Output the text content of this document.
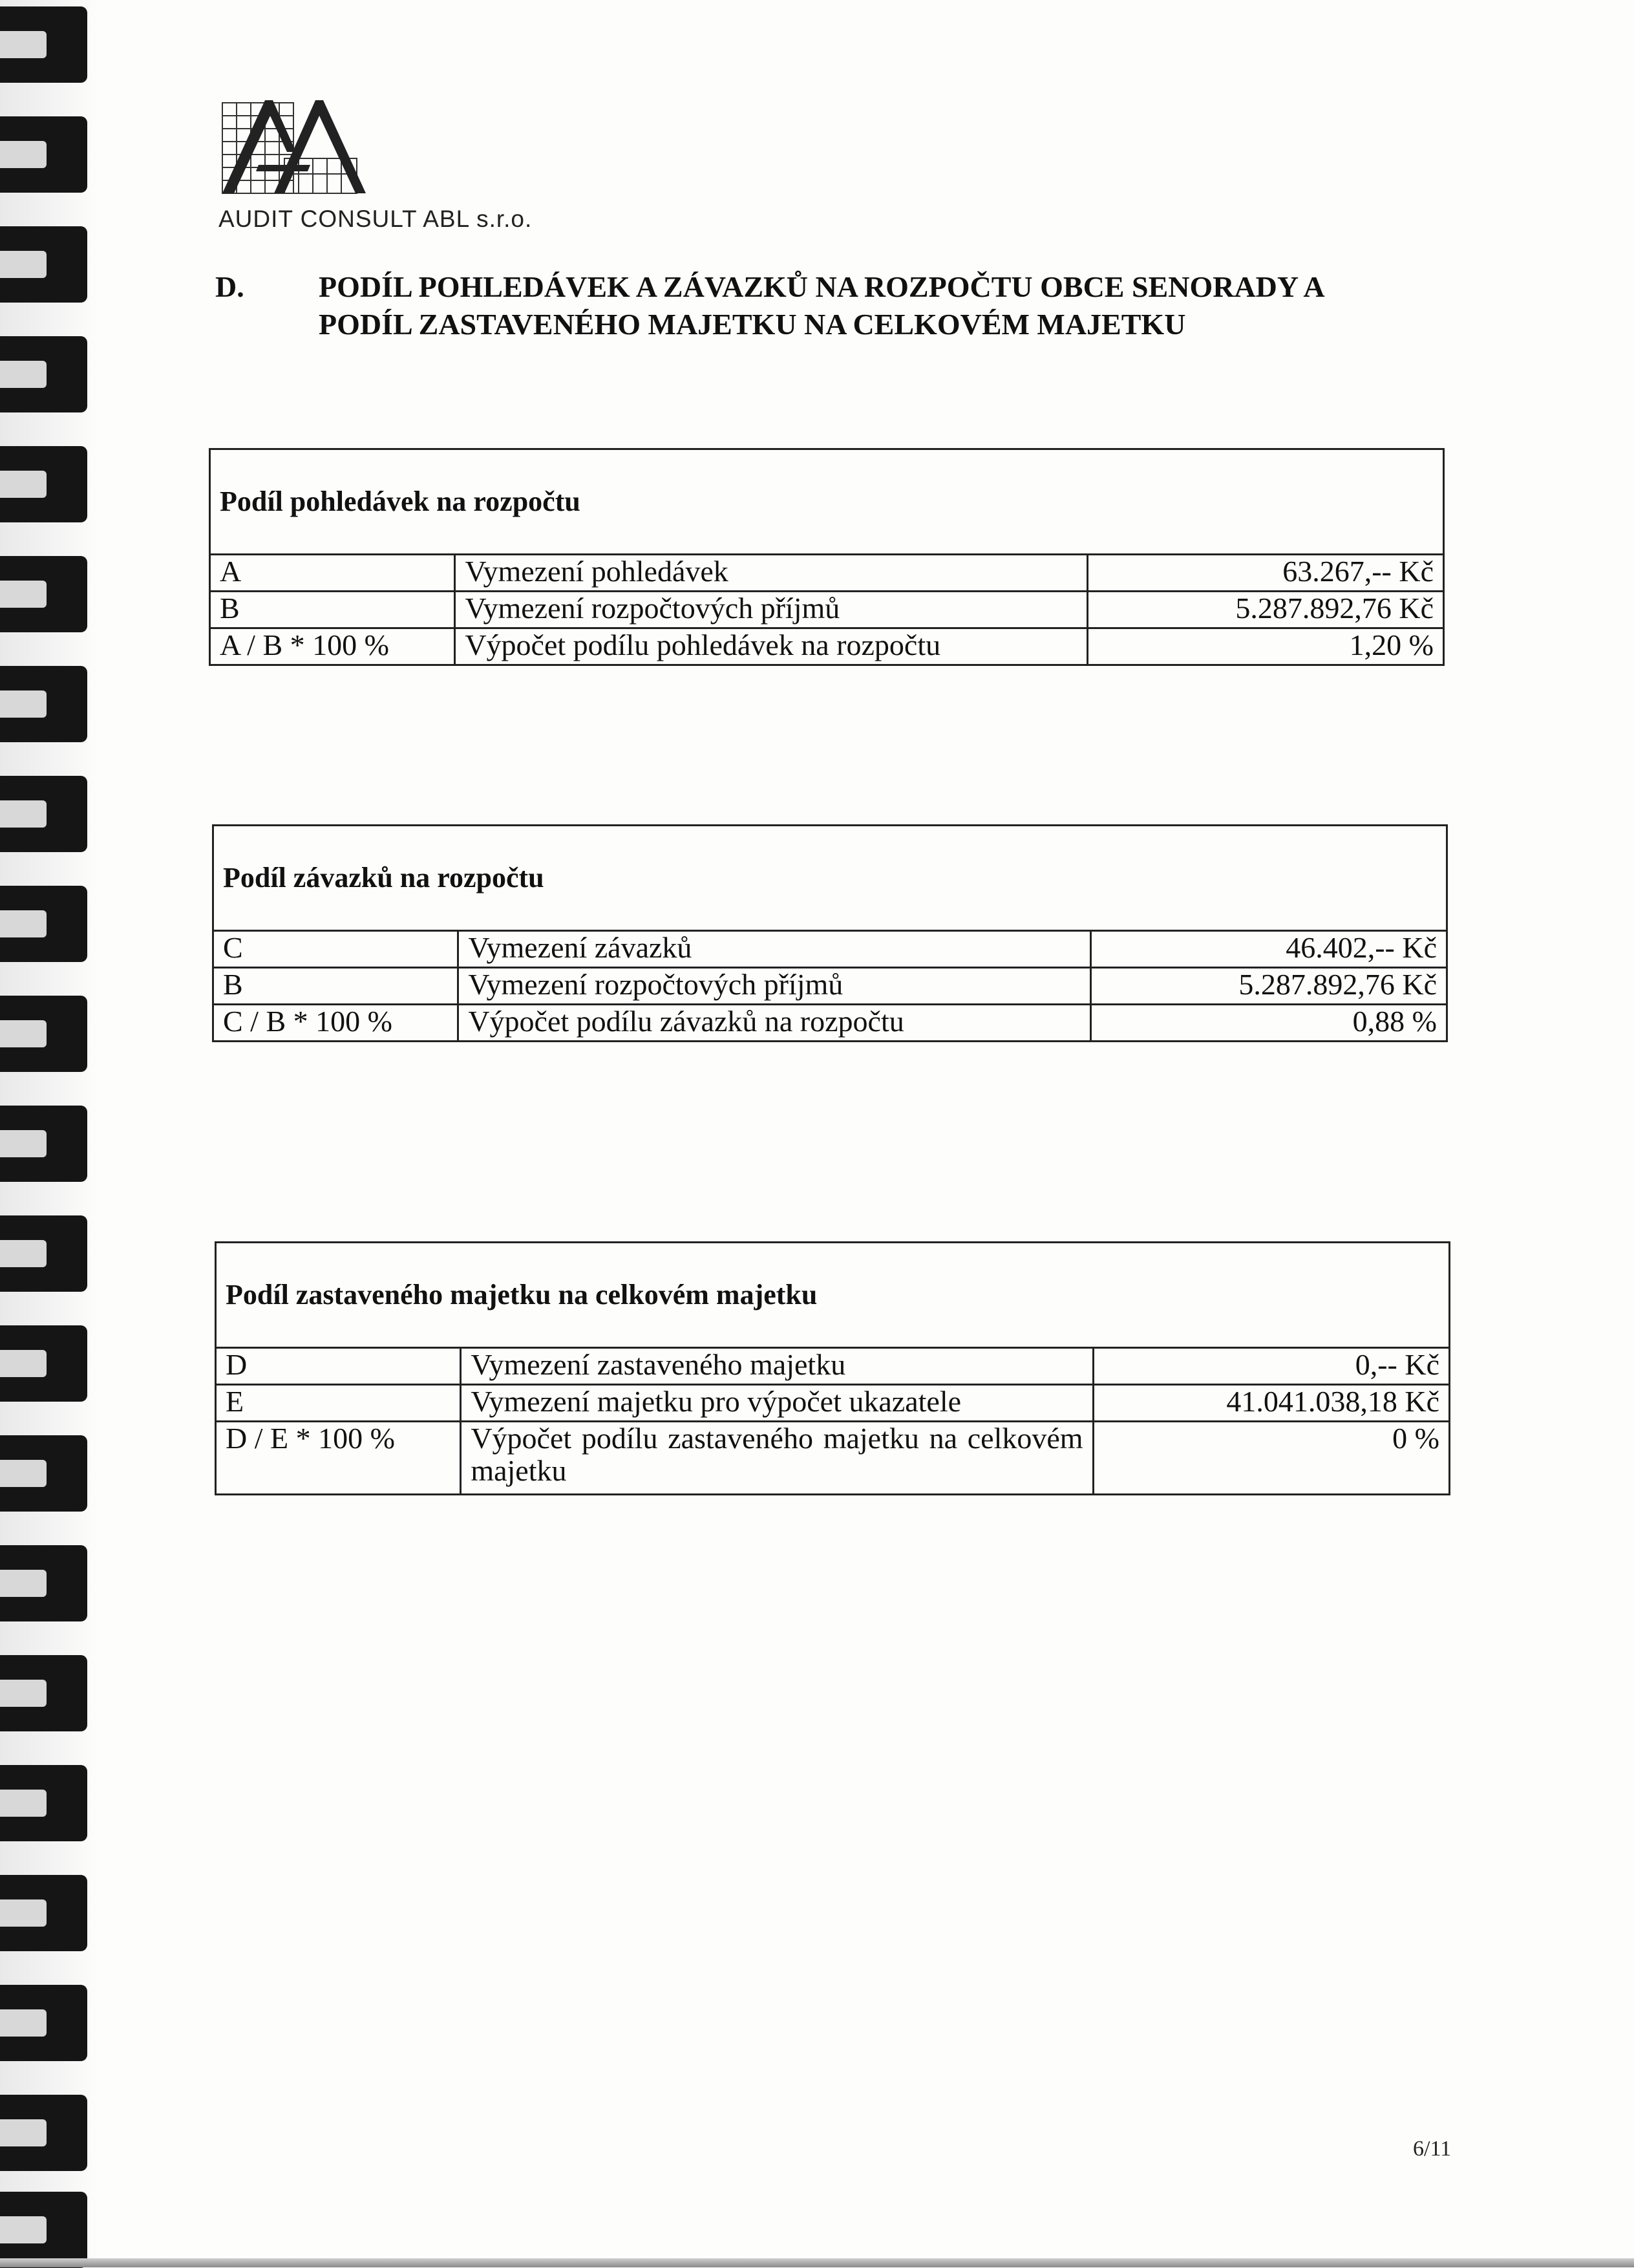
AUDIT CONSULT ABL s.r.o.
D.	PODÍL POHLEDÁVEK A ZÁVAZKŮ NA ROZPOČTU OBCE SENORADY A
PODÍL ZASTAVENÉHO MAJETKU NA CELKOVÉM MAJETKU
Podíl pohledávek na rozpočtu		
A	Vymezení pohledávek	63.267,-- Kč
B	Vymezení rozpočtových příjmů	5.287.892,76 Kč
A / B * 100 %	Výpočet podílu pohledávek na rozpočtu	1,20 %
Podíl závazků na rozpočtu		
C	Vymezení závazků	46.402,-- Kč
B	Vymezení rozpočtových příjmů	5.287.892,76 Kč
C / B * 100 %	Výpočet podílu závazků na rozpočtu	0,88 %
Podíl zastaveného majetku na celkovém majetku		
D	Vymezení zastaveného majetku	0,-- Kč
E	Vymezení majetku pro výpočet ukazatele	41.041.038,18 Kč
D / E * 100 %	Výpočet podílu zastaveného majetku na celkovém majetku	0 %
6/11
